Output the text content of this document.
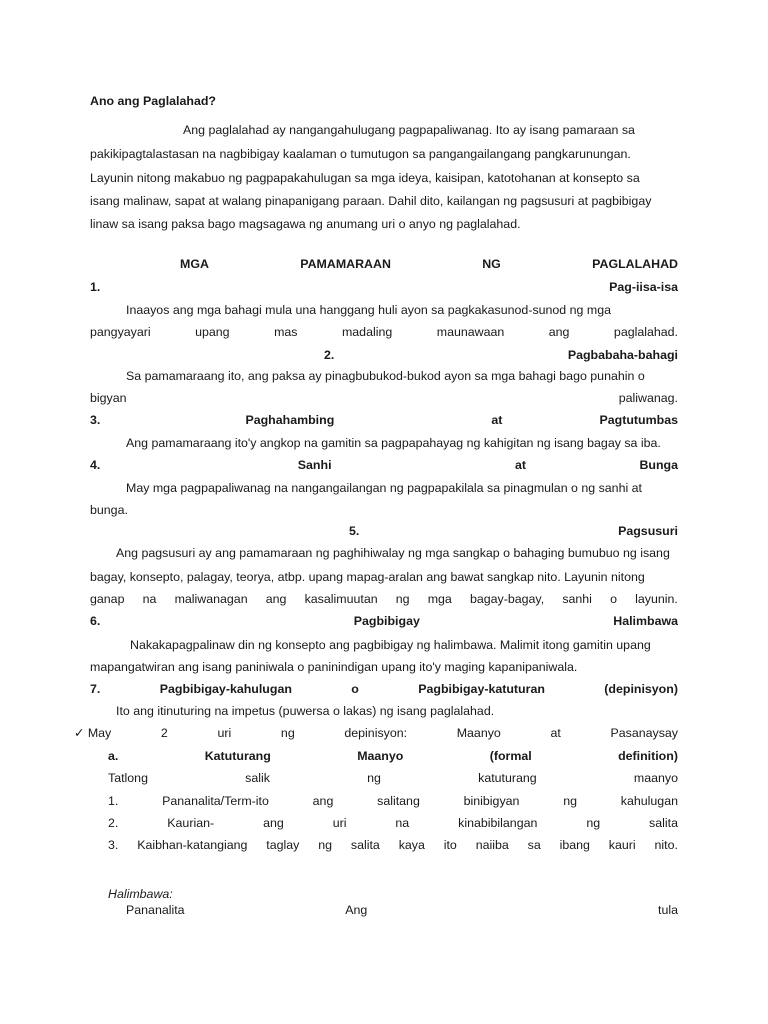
Ano ang Paglalahad?
Ang paglalahad ay nangangahulugang pagpapaliwanag. Ito ay isang pamaraan sa
pakikipagtalastasan na nagbibigay kaalaman o tumutugon sa pangangailangang pangkarunungan.
Layunin nitong makabuo ng pagpapakahulugan sa mga ideya, kaisipan, katotohanan at konsepto sa
isang malinaw, sapat at walang pinapanigang paraan. Dahil dito, kailangan ng pagsusuri at pagbibigay
linaw sa isang paksa bago magsagawa ng anumang uri o anyo ng paglalahad.
MGA	PAMAMARAAN	NG	PAGLALAHAD
1.	Pag-iisa-isa
Inaayos ang mga bahagi mula una hanggang huli ayon sa pagkakasunod-sunod ng mga
pangyayari	upang	mas	madaling	maunawaan	ang	paglalahad.
2.	Pagbabaha-bahagi
Sa pamamaraang ito, ang paksa ay pinagbubukod-bukod ayon sa mga bahagi bago punahin o
bigyan	paliwanag.
3.	Paghahambing	at	Pagtutumbas
Ang pamamaraang ito'y angkop na gamitin sa pagpapahayag ng kahigitan ng isang bagay sa iba.
4.	Sanhi	at	Bunga
May mga pagpapaliwanag na nangangailangan ng pagpapakilala sa pinagmulan o ng sanhi at
bunga.
5.	Pagsusuri
Ang pagsusuri ay ang pamamaraan ng paghihiwalay ng mga sangkap o bahaging bumubuo ng isang
bagay, konsepto, palagay, teorya, atbp. upang mapag-aralan ang bawat sangkap nito. Layunin nitong
ganap na maliwanagan ang kasalimuutan ng mga bagay-bagay, sanhi o layunin.
6.	Pagbibigay	Halimbawa
Nakakapagpalinaw din ng konsepto ang pagbibigay ng halimbawa. Malimit itong gamitin upang
mapangatwiran ang isang paniniwala o paninindigan upang ito'y maging kapanipaniwala.
7.	Pagbibigay-kahulugan	o	Pagbibigay-katuturan	(depinisyon)
Ito ang itinuturing na impetus (puwersa o lakas) ng isang paglalahad.
✓ May	2	uri	ng	depinisyon:	Maanyo	at	Pasanaysay
a.	Katuturang	Maanyo	(formal	definition)
Tatlong	salik	ng	katuturang	maanyo
1.	Pananalita/Term-ito	ang	salitang	binibigyan	ng	kahulugan
2.	Kaurian-	ang	uri	na	kinabibilangan	ng	salita
3. Kaibhan-katangiang taglay ng salita kaya ito naiiba sa ibang kauri nito.
Halimbawa:
Pananalita	Ang	tula
